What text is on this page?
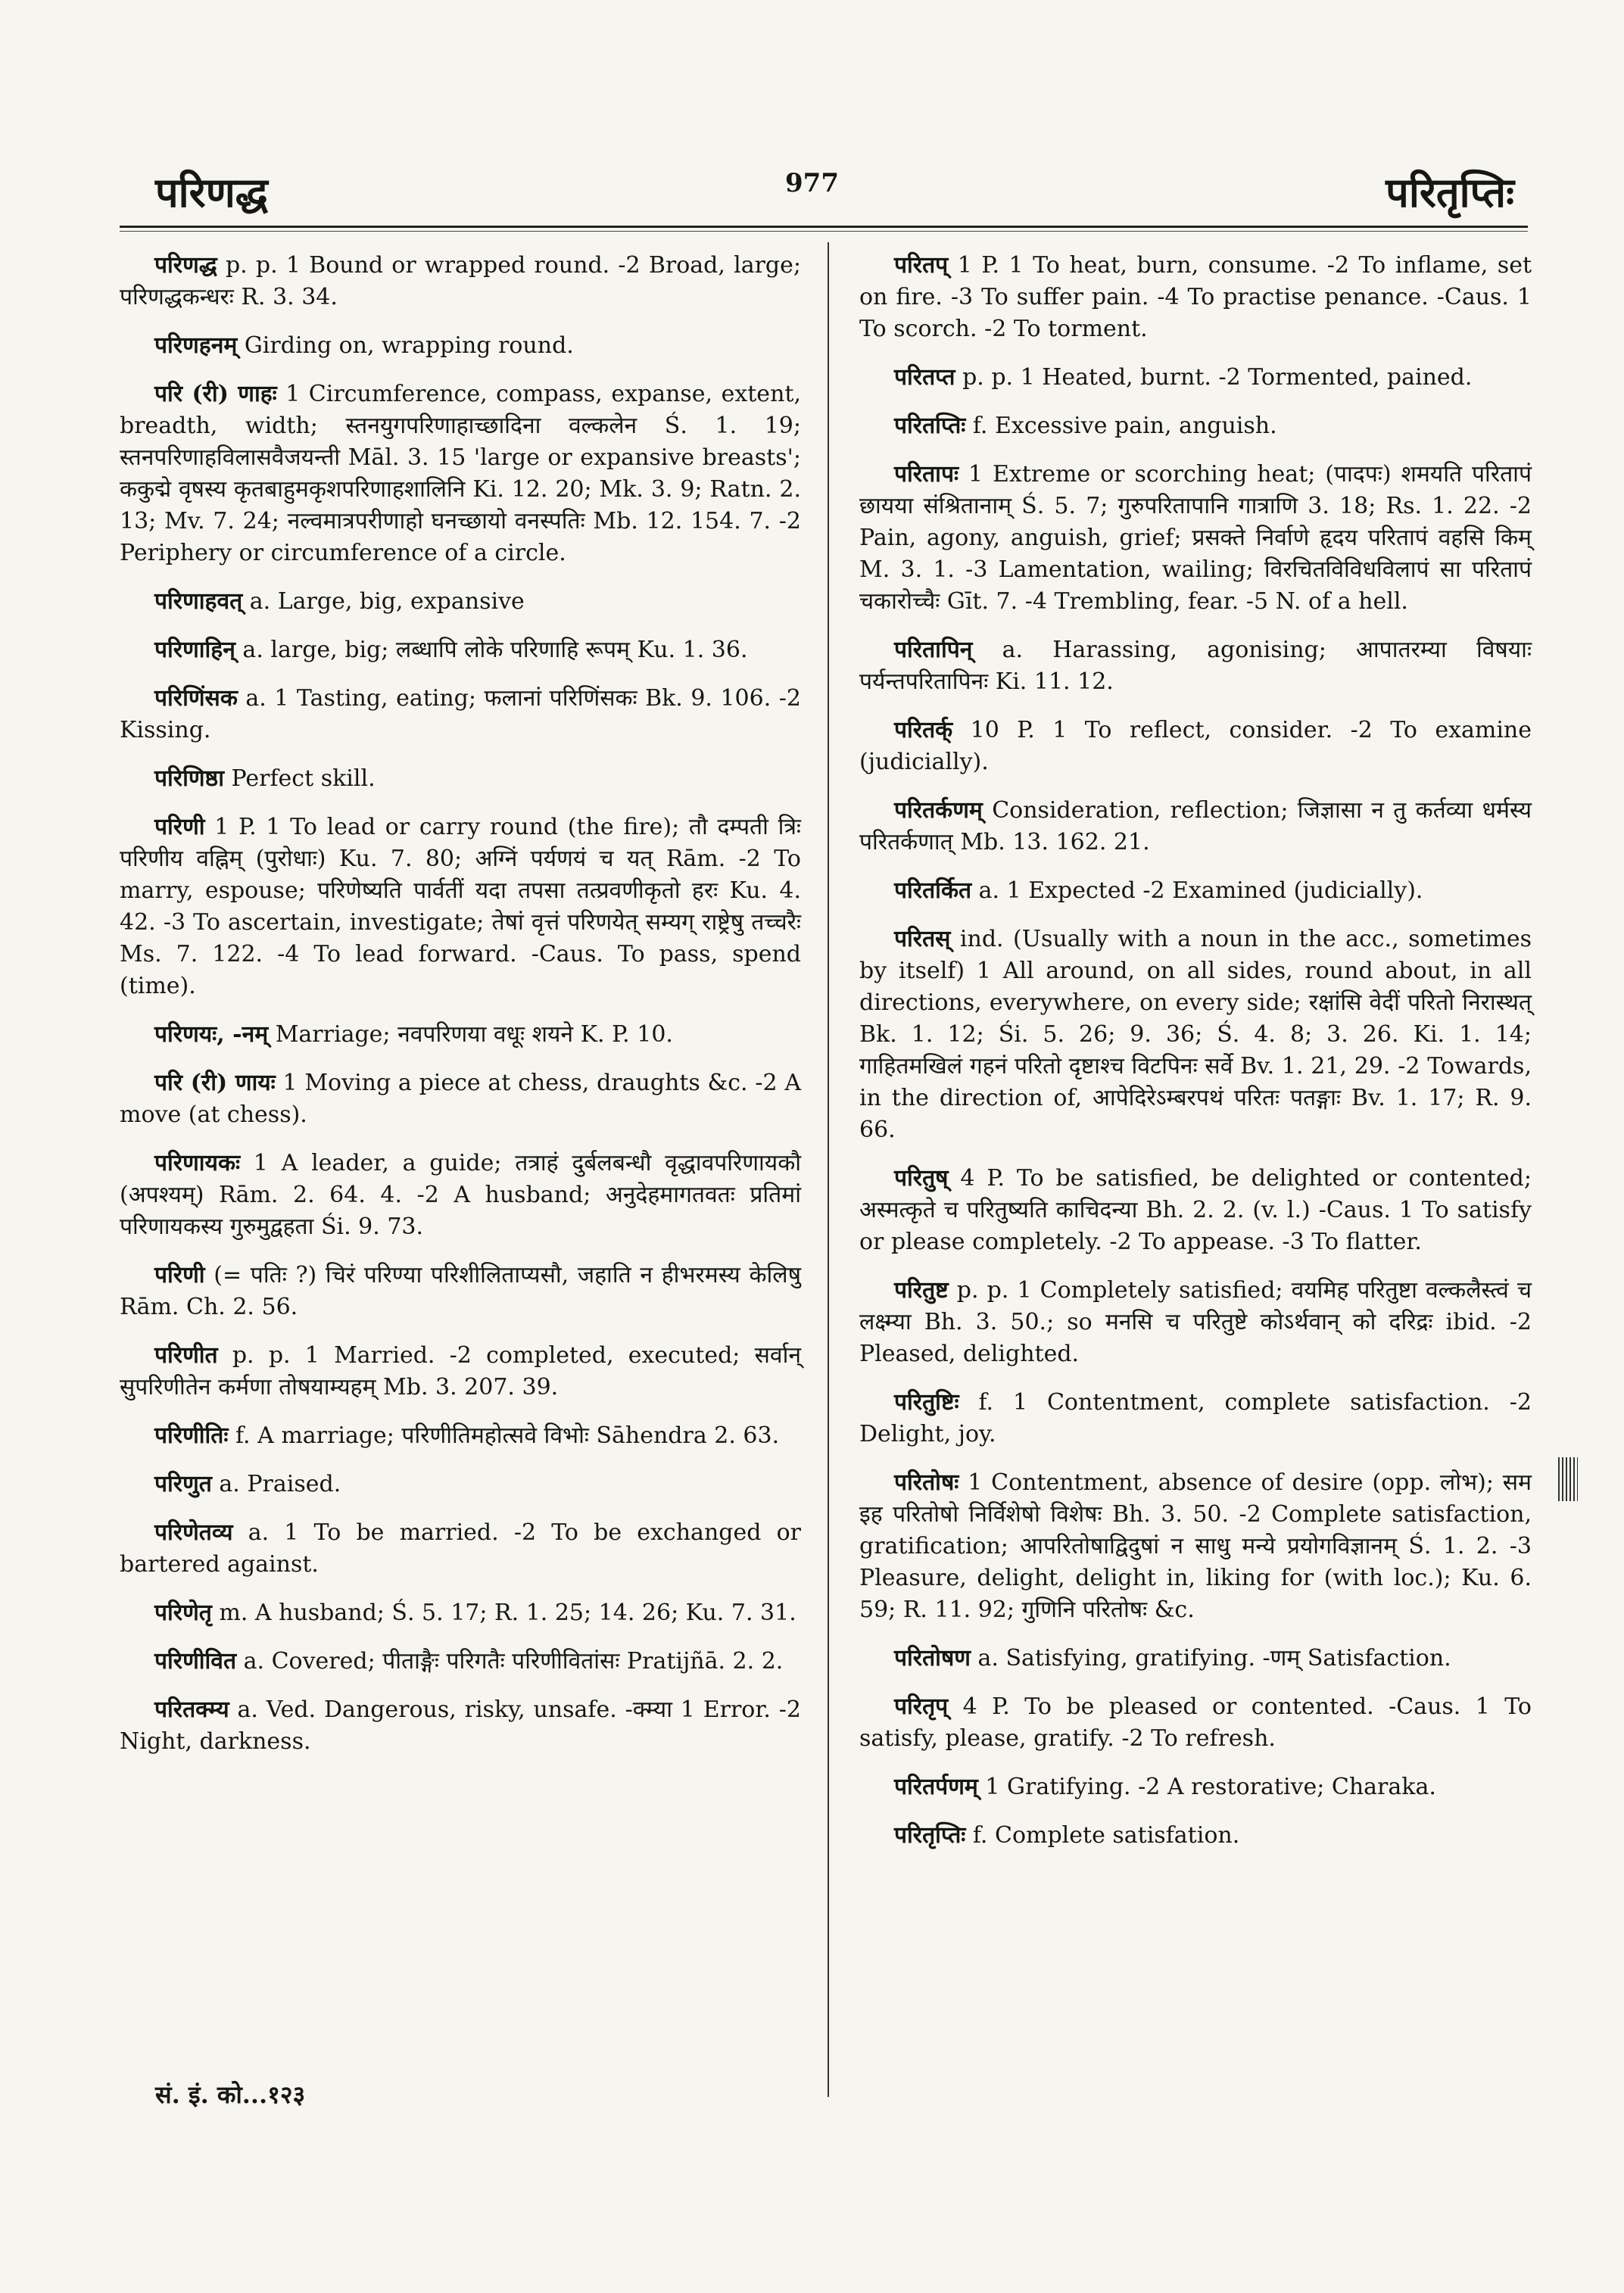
परिणद्ध	977	परितृप्तिः

परिणद्ध p. p. 1 Bound or wrapped round. -2 Broad, large; परिणद्धकन्धरः R. 3. 34.

परिणहनम् Girding on, wrapping round.

परि (री) णाहः 1 Circumference, compass, expanse, extent, breadth, width; स्तनयुगपरिणाहाच्छादिना वल्कलेन Ś. 1. 19; स्तनपरिणाहविलासवैजयन्ती Māl. 3. 15 'large or expansive breasts'; ककुद्मे वृषस्य कृतबाहुमकृशपरिणाहशालिनि Ki. 12. 20; Mk. 3. 9; Ratn. 2. 13; Mv. 7. 24; नल्वमात्रपरीणाहो घनच्छायो वनस्पतिः Mb. 12. 154. 7. -2 Periphery or circumference of a circle.

परिणाहवत् a. Large, big, expansive

परिणाहिन् a. large, big; लब्धापि लोके परिणाहि रूपम् Ku. 1. 36.

परिणिंसक a. 1 Tasting, eating; फलानां परिणिंसकः Bk. 9. 106. -2 Kissing.

परिणिष्ठा Perfect skill.

परिणी 1 P. 1 To lead or carry round (the fire); तौ दम्पती त्रिः परिणीय वह्निम् (पुरोधाः) Ku. 7. 80; अग्निं पर्यणयं च यत् Rām. -2 To marry, espouse; परिणेष्यति पार्वतीं यदा तपसा तत्प्रवणीकृतो हरः Ku. 4. 42. -3 To ascertain, investigate; तेषां वृत्तं परिणयेत् सम्यग् राष्ट्रेषु तच्चरैः Ms. 7. 122. -4 To lead forward. -Caus. To pass, spend (time).

परिणयः, -नम् Marriage; नवपरिणया वधूः शयने K. P. 10.

परि (री) णायः 1 Moving a piece at chess, draughts &c. -2 A move (at chess).

परिणायकः 1 A leader, a guide; तत्राहं दुर्बलबन्धौ वृद्धावपरिणायकौ (अपश्यम्) Rām. 2. 64. 4. -2 A husband; अनुदेहमागतवतः प्रतिमां परिणायकस्य गुरुमुद्वहता Śi. 9. 73.

परिणी (= पतिः ?) चिरं परिण्या परिशीलिताप्यसौ, जहाति न हीभरमस्य केलिषु Rām. Ch. 2. 56.

परिणीत p. p. 1 Married. -2 completed, executed; सर्वान् सुपरिणीतेन कर्मणा तोषयाम्यहम् Mb. 3. 207. 39.

परिणीतिः f. A marriage; परिणीतिमहोत्सवे विभोः Sāhendra 2. 63.

परिणुत a. Praised.

परिणेतव्य a. 1 To be married. -2 To be exchanged or bartered against.

परिणेतृ m. A husband; Ś. 5. 17; R. 1. 25; 14. 26; Ku. 7. 31.

परिणीवित a. Covered; पीताङ्गैः परिगतैः परिणीवितांसः Pratijñā. 2. 2.

परितक्म्य a. Ved. Dangerous, risky, unsafe. -क्म्या 1 Error. -2 Night, darkness.

परितप् 1 P. 1 To heat, burn, consume. -2 To inflame, set on fire. -3 To suffer pain. -4 To practise penance. -Caus. 1 To scorch. -2 To torment.

परितप्त p. p. 1 Heated, burnt. -2 Tormented, pained.

परितप्तिः f. Excessive pain, anguish.

परितापः 1 Extreme or scorching heat; (पादपः) शमयति परितापं छायया संश्रितानाम् Ś. 5. 7; गुरुपरितापानि गात्राणि 3. 18; Rs. 1. 22. -2 Pain, agony, anguish, grief; प्रसक्ते निर्वाणे हृदय परितापं वहसि किम् M. 3. 1. -3 Lamentation, wailing; विरचितविविधविलापं सा परितापं चकारोच्चैः Gīt. 7. -4 Trembling, fear. -5 N. of a hell.

परितापिन् a. Harassing, agonising; आपातरम्या विषयाः पर्यन्तपरितापिनः Ki. 11. 12.

परितर्क् 10 P. 1 To reflect, consider. -2 To examine (judicially).

परितर्कणम् Consideration, reflection; जिज्ञासा न तु कर्तव्या धर्मस्य परितर्कणात् Mb. 13. 162. 21.

परितर्कित a. 1 Expected -2 Examined (judicially).

परितस् ind. (Usually with a noun in the acc., sometimes by itself) 1 All around, on all sides, round about, in all directions, everywhere, on every side; रक्षांसि वेदीं परितो निरास्थत् Bk. 1. 12; Śi. 5. 26; 9. 36; Ś. 4. 8; 3. 26. Ki. 1. 14; गाहितमखिलं गहनं परितो दृष्टाश्च विटपिनः सर्वे Bv. 1. 21, 29. -2 Towards, in the direction of, आपेदिरेऽम्बरपथं परितः पतङ्गाः Bv. 1. 17; R. 9. 66.

परितुष् 4 P. To be satisfied, be delighted or contented; अस्मत्कृते च परितुष्यति काचिदन्या Bh. 2. 2. (v. l.) -Caus. 1 To satisfy or please completely. -2 To appease. -3 To flatter.

परितुष्ट p. p. 1 Completely satisfied; वयमिह परितुष्टा वल्कलैस्त्वं च लक्ष्म्या Bh. 3. 50.; so मनसि च परितुष्टे कोऽर्थवान् को दरिद्रः ibid. -2 Pleased, delighted.

परितुष्टिः f. 1 Contentment, complete satisfaction. -2 Delight, joy.

परितोषः 1 Contentment, absence of desire (opp. लोभ); सम इह परितोषो निर्विशेषो विशेषः Bh. 3. 50. -2 Complete satisfaction, gratification; आपरितोषाद्विदुषां न साधु मन्ये प्रयोगविज्ञानम् Ś. 1. 2. -3 Pleasure, delight, delight in, liking for (with loc.); Ku. 6. 59; R. 11. 92; गुणिनि परितोषः &c.

परितोषण a. Satisfying, gratifying. -णम् Satisfaction.

परितृप् 4 P. To be pleased or contented. -Caus. 1 To satisfy, please, gratify. -2 To refresh.

परितर्पणम् 1 Gratifying. -2 A restorative; Charaka.

परितृप्तिः f. Complete satisfation.

सं. इं. को...१२३
